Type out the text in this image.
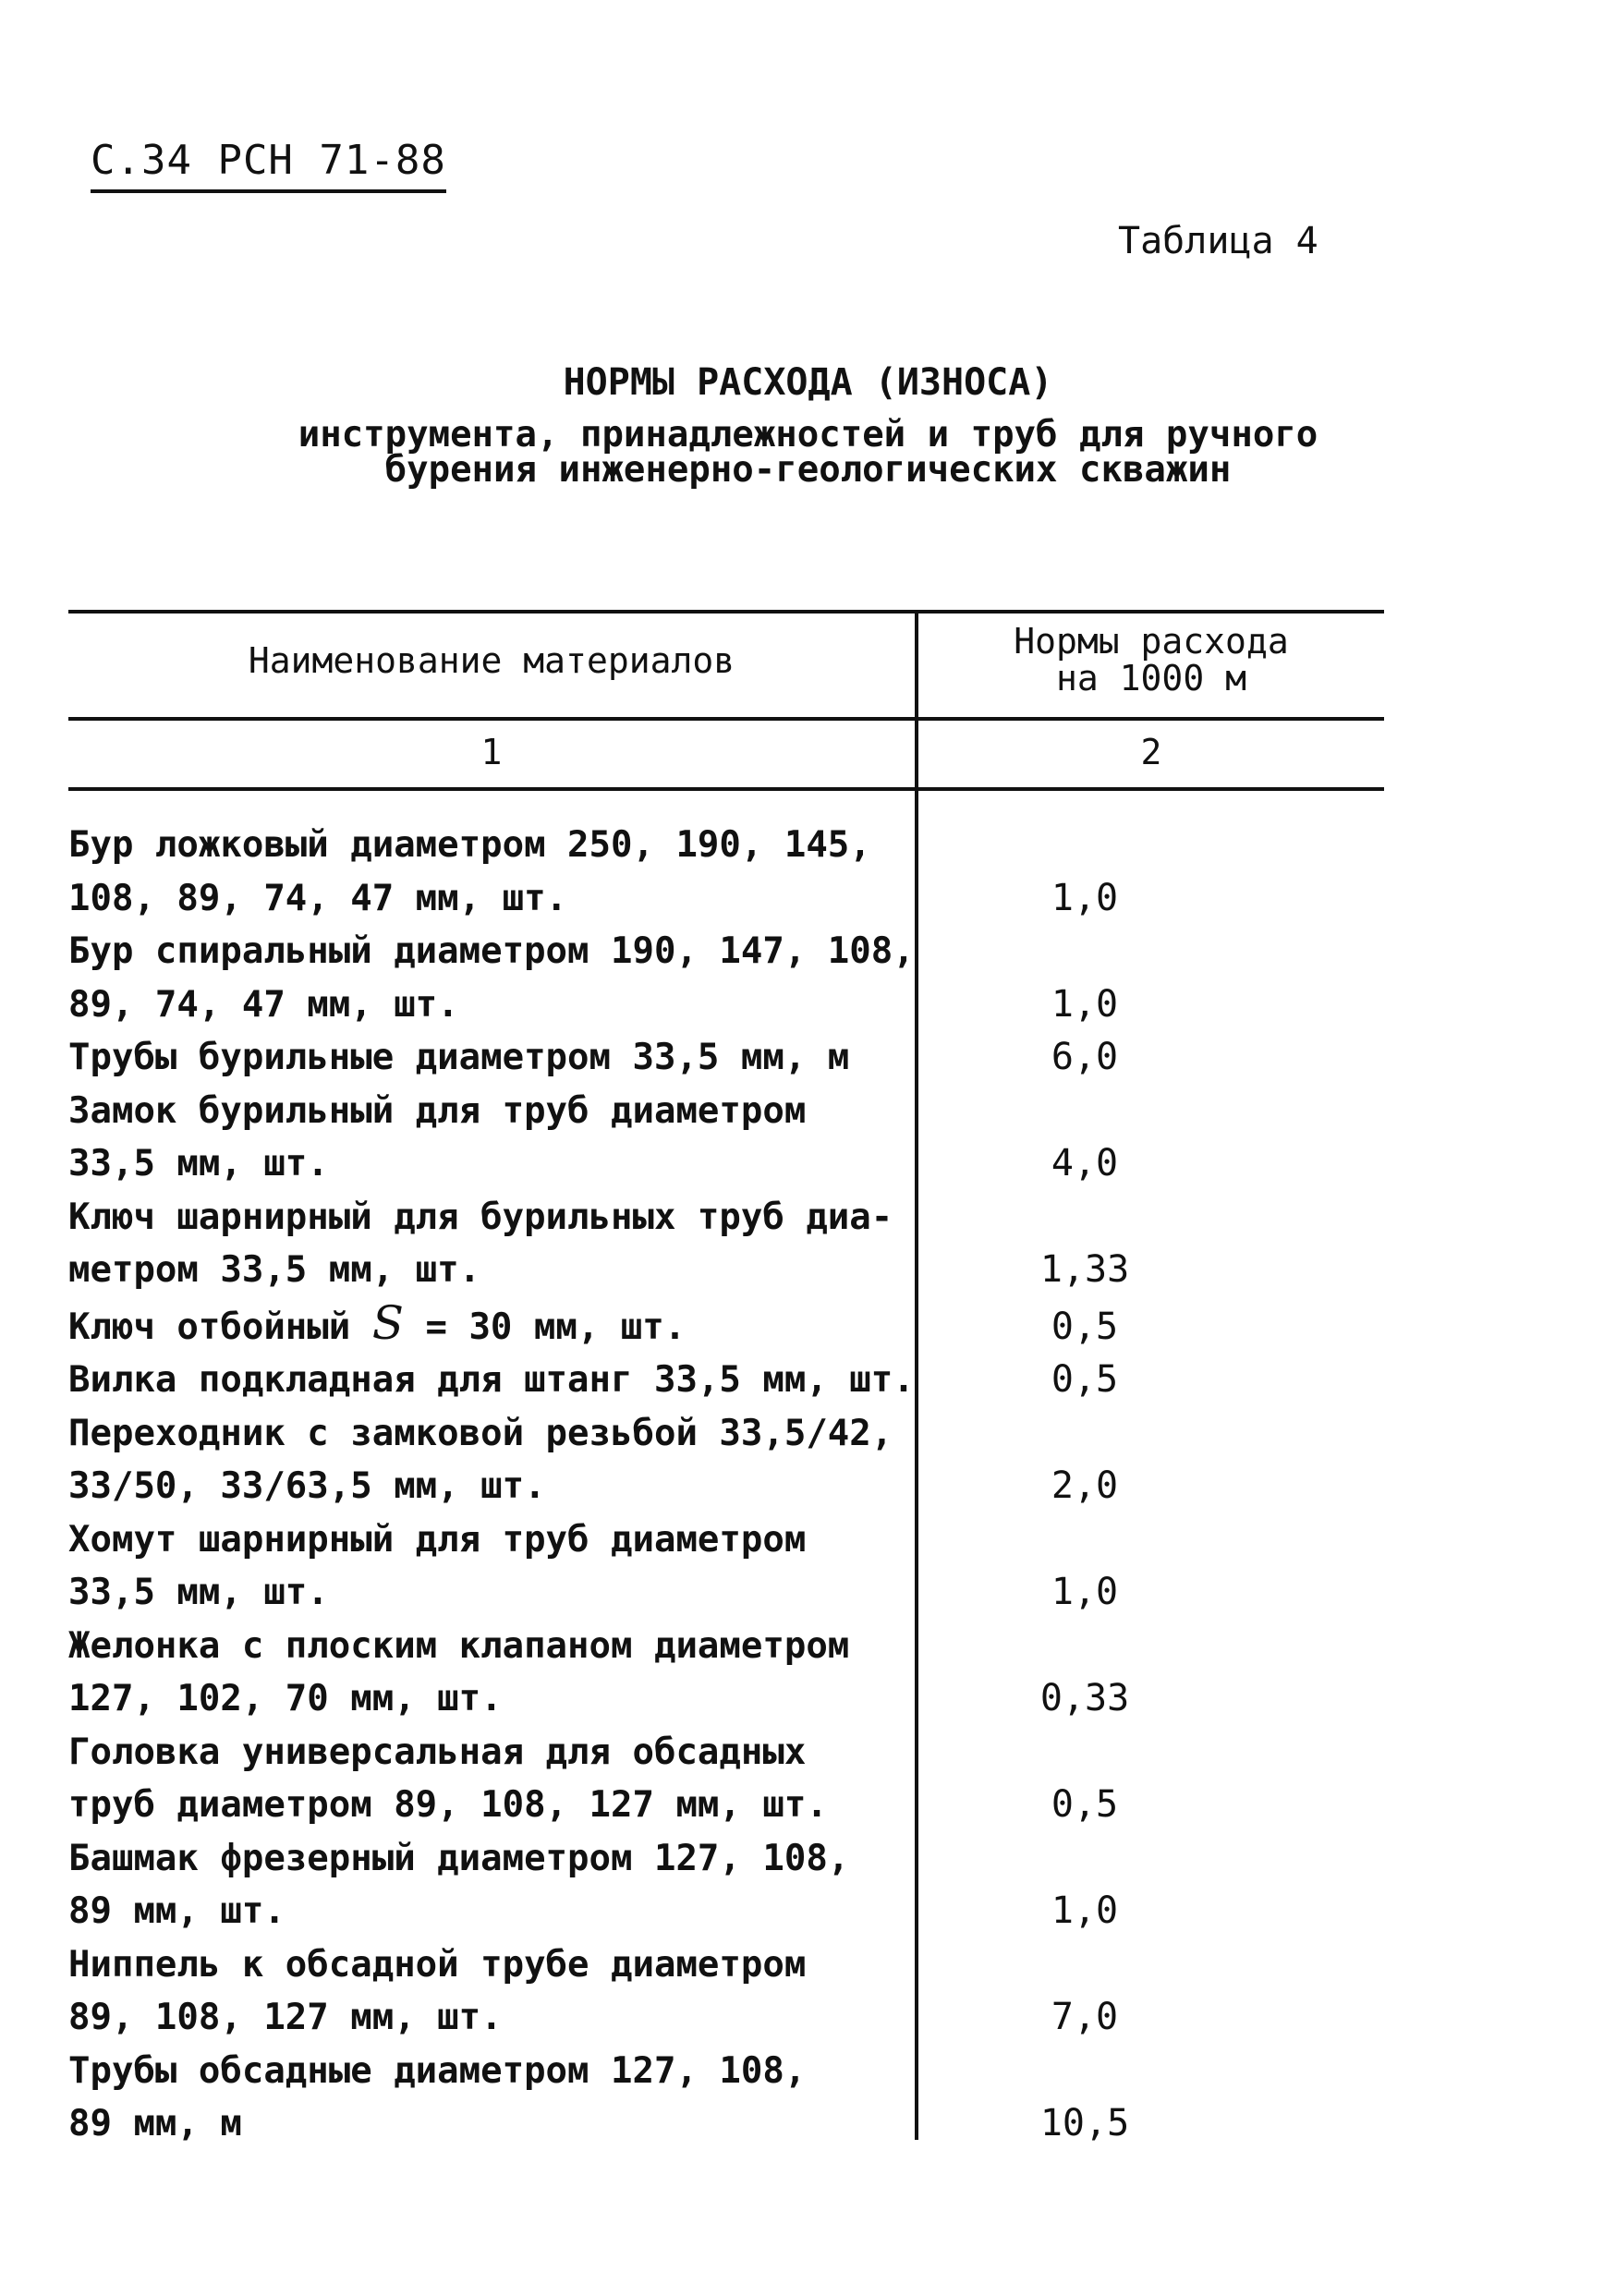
С.34 РСН 71-88
Таблица 4

НОРМЫ РАСХОДА (ИЗНОСА)

инструмента, принадлежностей и труб для ручного
бурения инженерно-геологических скважин

Наименование материалов	Нормы расхода
на 1000 м
1	2
Бур ложковый диаметром 250, 190, 145,
108, 89, 74, 47 мм, шт.	1,0
Бур спиральный диаметром 190, 147, 108,
89, 74, 47 мм, шт.	1,0
Трубы бурильные диаметром 33,5 мм, м	6,0
Замок бурильный для труб диаметром
33,5 мм, шт.	4,0
Ключ шарнирный для бурильных труб диа-
метром 33,5 мм, шт.	1,33
Ключ отбойный S = 30 мм, шт.	0,5
Вилка подкладная для штанг 33,5 мм, шт.	0,5
Переходник с замковой резьбой 33,5/42,
33/50, 33/63,5 мм, шт.	2,0
Хомут шарнирный для труб диаметром
33,5 мм, шт.	1,0
Желонка с плоским клапаном диаметром
127, 102, 70 мм, шт.	0,33
Головка универсальная для обсадных
труб диаметром 89, 108, 127 мм, шт.	0,5
Башмак фрезерный диаметром 127, 108,
89 мм, шт.	1,0
Ниппель к обсадной трубе диаметром
89, 108, 127 мм, шт.	7,0
Трубы обсадные диаметром 127, 108,
89 мм, м	10,5
